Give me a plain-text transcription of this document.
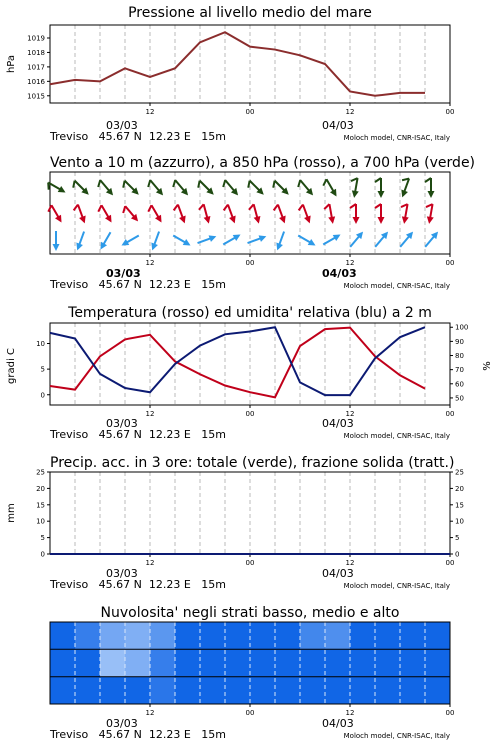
Pressione al livello medio del mare
1015
1016
1017
1018
1019
12	00	12	00
hPa
03/03	04/03
Treviso   45.67 N  12.23 E   15m	Moloch model, CNR-ISAC, Italy
Vento a 10 m (azzurro), a 850 hPa (rosso), a 700 hPa (verde)
12	00	12	00
03/03	04/03
Treviso   45.67 N  12.23 E   15m	Moloch model, CNR-ISAC, Italy
Temperatura (rosso) ed umidita' relativa (blu) a 2 m
0
5
10
50
60
70
80
90
100
12	00	12	00
gradi C	%
03/03	04/03
Treviso   45.67 N  12.23 E   15m	Moloch model, CNR-ISAC, Italy
Precip. acc. in 3 ore: totale (verde), frazione solida (tratt.)
0
5
10
15
20
25
0
5
10
15
20
25
12	00	12	00
mm
03/03	04/03
Treviso   45.67 N  12.23 E   15m	Moloch model, CNR-ISAC, Italy
Nuvolosita' negli strati basso, medio e alto
12	00	12	00
03/03	04/03
Treviso   45.67 N  12.23 E   15m	Moloch model, CNR-ISAC, Italy
